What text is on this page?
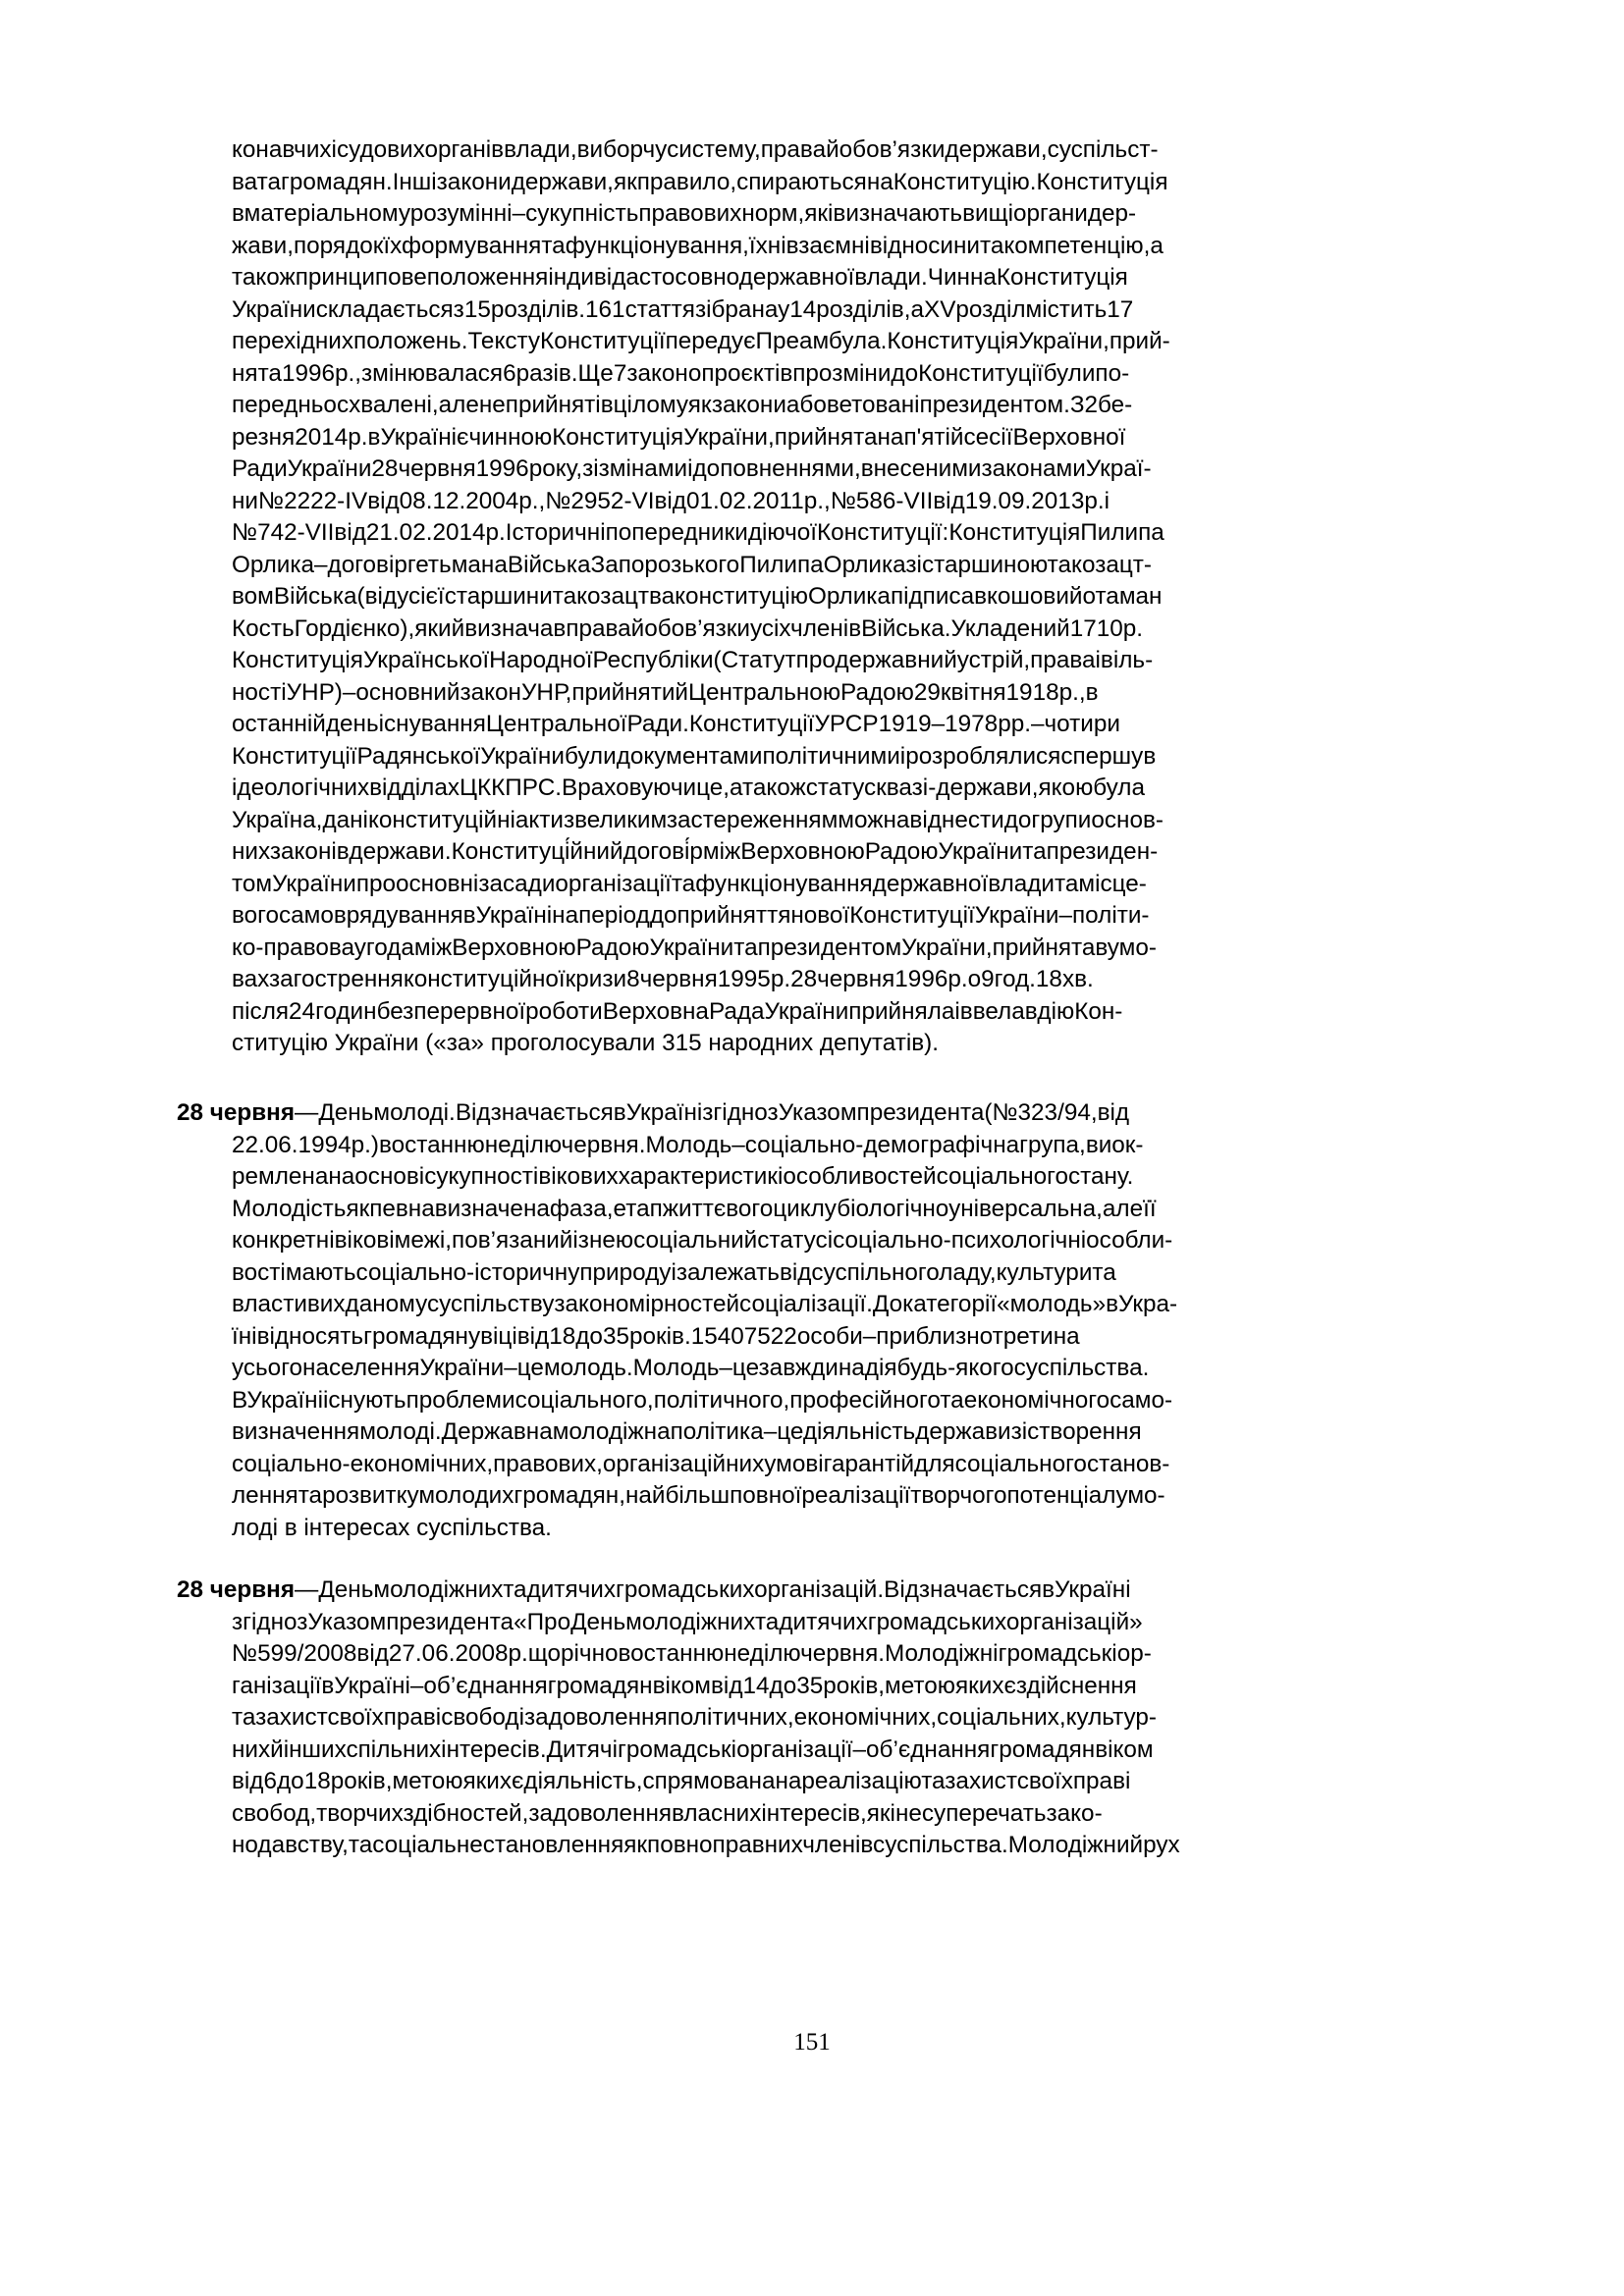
конавчихісудовихорганіввлади,виборчусистему,правайобов’язкидержави,суспільст-
ватагромадян.Іншізаконидержави,якправило,спираютьсянаКонституцію.Конституція
вматеріальномурозумінні–сукупністьправовихнорм,яківизначаютьвищіорганидер-
жави,порядокїхформуваннятафункціонування,їхнівзаємнівідносинитакомпетенцію,а
такожпринциповеположенняіндивідастосовнодержавноївлади.ЧиннаКонституція
Українискладаєтьсяз15розділів.161статтязібранау14розділів,аXVрозділмістить17
перехіднихположень.ТекстуКонституціїпередуєПреамбула.КонституціяУкраїни,прий-
нята1996р.,змінювалася6разів.Ще7законопроєктівпрозмінидоКонституціїбулипо-
передньосхвалені,аленеприйнятівціломуякзакониабоветованіпрезидентом.З2бе-
резня2014р.вУкраїнієчинноюКонституціяУкраїни,прийнятанап'ятійсесіїВерховної
РадиУкраїни28червня1996року,зізмінамиідоповненнями,внесенимизаконамиУкраї-
ни№2222-IVвід08.12.2004р.,№2952-VIвід01.02.2011р.,№586-VIIвід19.09.2013р.і
№742-VIIвід21.02.2014р.ІсторичніпопередникидіючоїКонституції:КонституціяПилипа
Орлика–договіргетьманаВійськаЗапорозькогоПилипаОрликазістаршиноютакозацт-
вомВійська(відусієїстаршинитакозацтваконституціюОрликапідписавкошовийотаман
КостьГордієнко),якийвизначавправайобов’язкиусіхчленівВійська.Укладений1710р.
КонституціяУкраїнськоїНародноїРеспубліки(Статутпродержавнийустрій,праваівіль-
ностіУНР)–основнийзаконУНР,прийнятийЦентральноюРадою29квітня1918р.,в
останнійденьіснуванняЦентральноїРади.КонституціїУРСР1919–1978рр.–чотири
КонституціїРадянськоїУкраїнибулидокументамиполітичнимиірозроблялисяспершув
ідеологічнихвідділахЦККПРС.Враховуючице,атакожстатусквазі-держави,якоюбула
Україна,даніконституційніактизвеликимзастереженнямможнавіднестидогрупиоснов-
нихзаконівдержави.Конституці́йнийдогові́рміжВерховноюРадоюУкраїнитапрезиден-
томУкраїнипроосновнізасадиорганізаціїтафункціонуваннядержавноївладитамісце-
вогосамоврядуваннявУкраїнінаперіоддоприйняттяновоїКонституціїУкраїни–політи-
ко-правоваугодаміжВерховноюРадоюУкраїнитапрезидентомУкраїни,прийнятавумо-
вахзагостренняконституційноїкризи8червня1995р.28червня1996р.о9год.18хв.
після24годинбезперервноїроботиВерховнаРадаУкраїниприйнялаіввелавдіюКон-
ституцію України («за» проголосували 315 народних депутатів).
28 червня—Деньмолоді.ВідзначаєтьсявУкраїнізгіднозУказомпрезидента(№323/94,від
22.06.1994р.)востаннюнеділючервня.Молодь–соціально-демографічнагрупа,виок-
ремленанаосновісукупностівіковиххарактеристикіособливостейсоціальногостану.
Молодістьякпевнавизначенафаза,етапжиттєвогоциклубіологічноуніверсальна,алеїї
конкретнівіковімежі,пов’язанийізнеюсоціальнийстатусісоціально-психологічніособли-
востімаютьсоціально-історичнуприродуізалежатьвідсуспільноголаду,культурита
властивихданомусуспільствузакономірностейсоціалізації.Докатегорії«молодь»вУкра-
їнівідносятьгромадянувіцівід18до35років.15407522особи–приблизнотретина
усьогонаселенняУкраїни–цемолодь.Молодь–цезавждинадіябудь-якогосуспільства.
ВУкраїнііснуютьпроблемисоціального,політичного,професійноготаекономічногосамо-
визначеннямолоді.Державнамолодіжнаполітика–цедіяльністьдержавизістворення
соціально-економічних,правових,організаційнихумовігарантійдлясоціальногостанов-
леннятарозвиткумолодихгромадян,найбільшповноїреалізаціїтворчогопотенціалумо-
лоді в інтересах суспільства.
28 червня—Деньмолодіжнихтадитячихгромадськихорганізацій.ВідзначаєтьсявУкраїні
згіднозУказомпрезидента«ПроДеньмолодіжнихтадитячихгромадськихорганізацій»
№599/2008від27.06.2008р.щорічновостаннюнеділючервня.Молодіжнігромадськіор-
ганізаціївУкраїні–об’єднаннягромадянвікомвід14до35років,метоюякихєздійснення
тазахистсвоїхправісвободізадоволенняполітичних,економічних,соціальних,культур-
нихйіншихспільнихінтересів.Дитячігромадськіорганізації–об’єднаннягромадянвіком
від6до18років,метоюякихєдіяльність,спрямовананареалізаціютазахистсвоїхправі
свобод,творчихздібностей,задоволеннявласнихінтересів,якінесуперечатьзако-
нодавству,тасоціальнестановленняякповноправнихчленівсуспільства.Молодіжнийрух
151
